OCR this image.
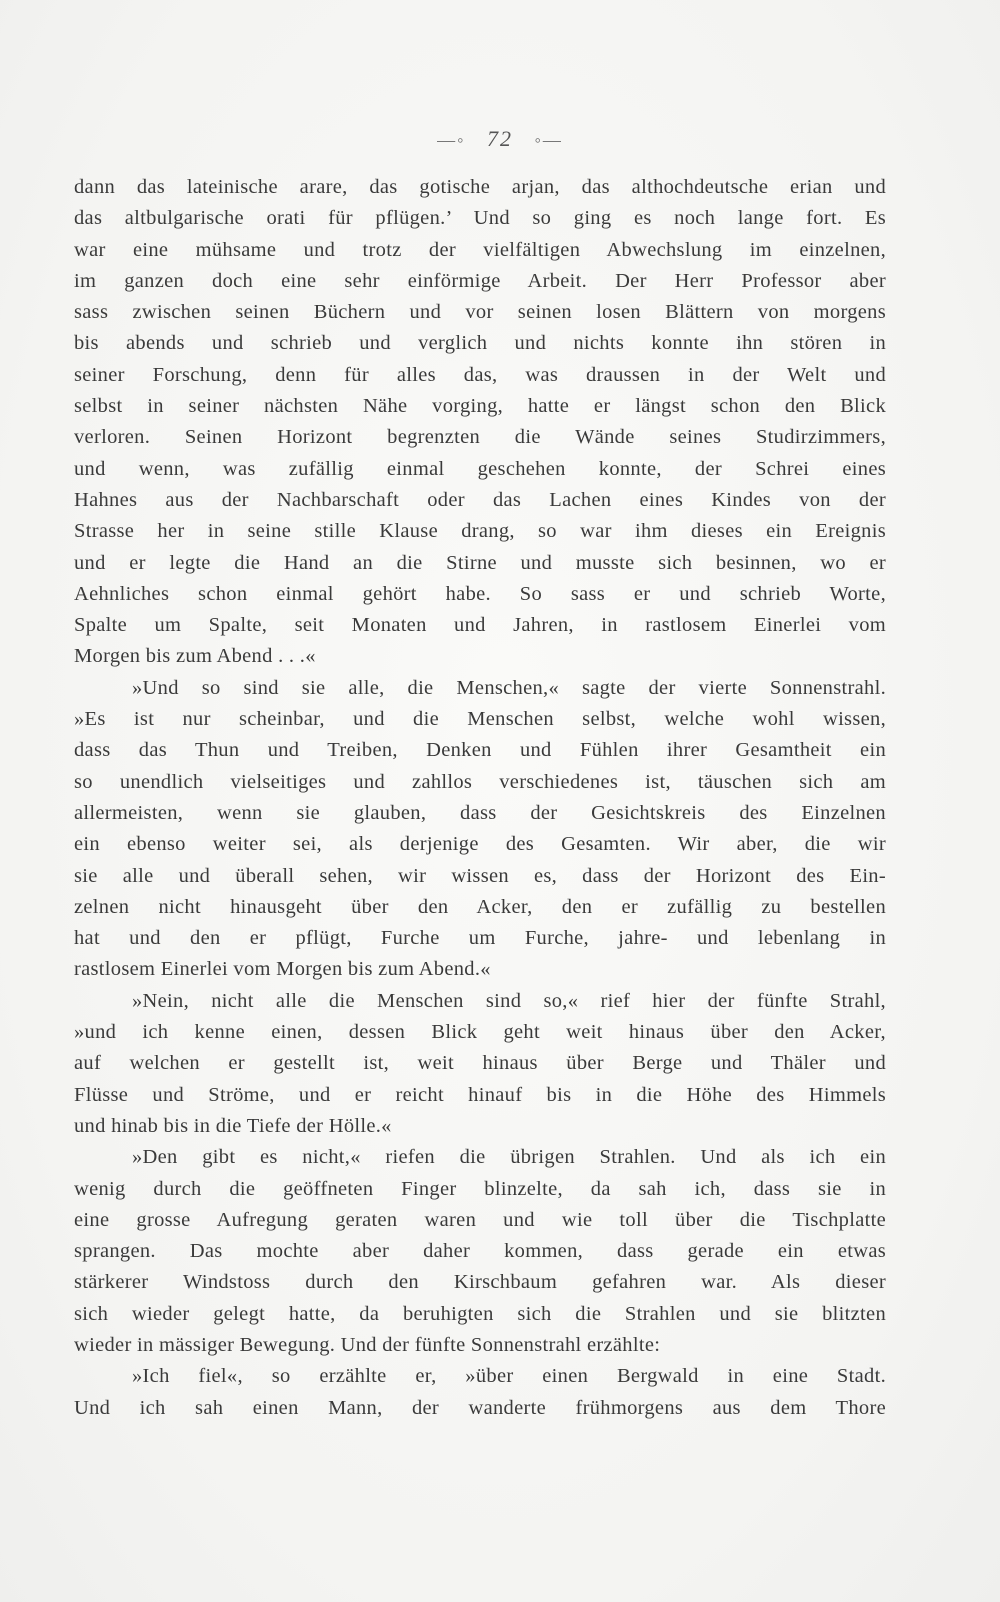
—◦ 72 ◦—
dann das lateinische arare, das gotische arjan, das althochdeutsche erian und
das altbulgarische orati für pflügen.’ Und so ging es noch lange fort. Es
war eine mühsame und trotz der vielfältigen Abwechslung im einzelnen,
im ganzen doch eine sehr einförmige Arbeit. Der Herr Professor aber
sass zwischen seinen Büchern und vor seinen losen Blättern von morgens
bis abends und schrieb und verglich und nichts konnte ihn stören in
seiner Forschung, denn für alles das, was draussen in der Welt und
selbst in seiner nächsten Nähe vorging, hatte er längst schon den Blick
verloren. Seinen Horizont begrenzten die Wände seines Studirzimmers,
und wenn, was zufällig einmal geschehen konnte, der Schrei eines
Hahnes aus der Nachbarschaft oder das Lachen eines Kindes von der
Strasse her in seine stille Klause drang, so war ihm dieses ein Ereignis
und er legte die Hand an die Stirne und musste sich besinnen, wo er
Aehnliches schon einmal gehört habe. So sass er und schrieb Worte,
Spalte um Spalte, seit Monaten und Jahren, in rastlosem Einerlei vom
Morgen bis zum Abend . . .«
»Und so sind sie alle, die Menschen,« sagte der vierte Sonnenstrahl.
»Es ist nur scheinbar, und die Menschen selbst, welche wohl wissen,
dass das Thun und Treiben, Denken und Fühlen ihrer Gesamtheit ein
so unendlich vielseitiges und zahllos verschiedenes ist, täuschen sich am
allermeisten, wenn sie glauben, dass der Gesichtskreis des Einzelnen
ein ebenso weiter sei, als derjenige des Gesamten. Wir aber, die wir
sie alle und überall sehen, wir wissen es, dass der Horizont des Ein-
zelnen nicht hinausgeht über den Acker, den er zufällig zu bestellen
hat und den er pflügt, Furche um Furche, jahre- und lebenlang in
rastlosem Einerlei vom Morgen bis zum Abend.«
»Nein, nicht alle die Menschen sind so,« rief hier der fünfte Strahl,
»und ich kenne einen, dessen Blick geht weit hinaus über den Acker,
auf welchen er gestellt ist, weit hinaus über Berge und Thäler und
Flüsse und Ströme, und er reicht hinauf bis in die Höhe des Himmels
und hinab bis in die Tiefe der Hölle.«
»Den gibt es nicht,« riefen die übrigen Strahlen. Und als ich ein
wenig durch die geöffneten Finger blinzelte, da sah ich, dass sie in
eine grosse Aufregung geraten waren und wie toll über die Tischplatte
sprangen. Das mochte aber daher kommen, dass gerade ein etwas
stärkerer Windstoss durch den Kirschbaum gefahren war. Als dieser
sich wieder gelegt hatte, da beruhigten sich die Strahlen und sie blitzten
wieder in mässiger Bewegung. Und der fünfte Sonnenstrahl erzählte:
»Ich fiel«, so erzählte er, »über einen Bergwald in eine Stadt.
Und ich sah einen Mann, der wanderte frühmorgens aus dem Thore
